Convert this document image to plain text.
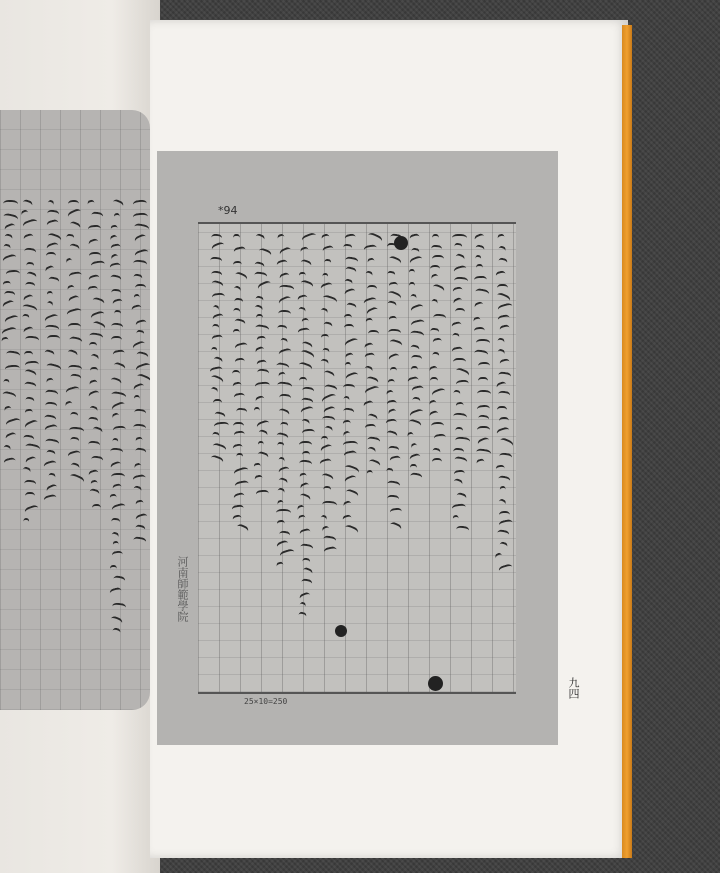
*94
25×10=250
河南師範學院
九四
